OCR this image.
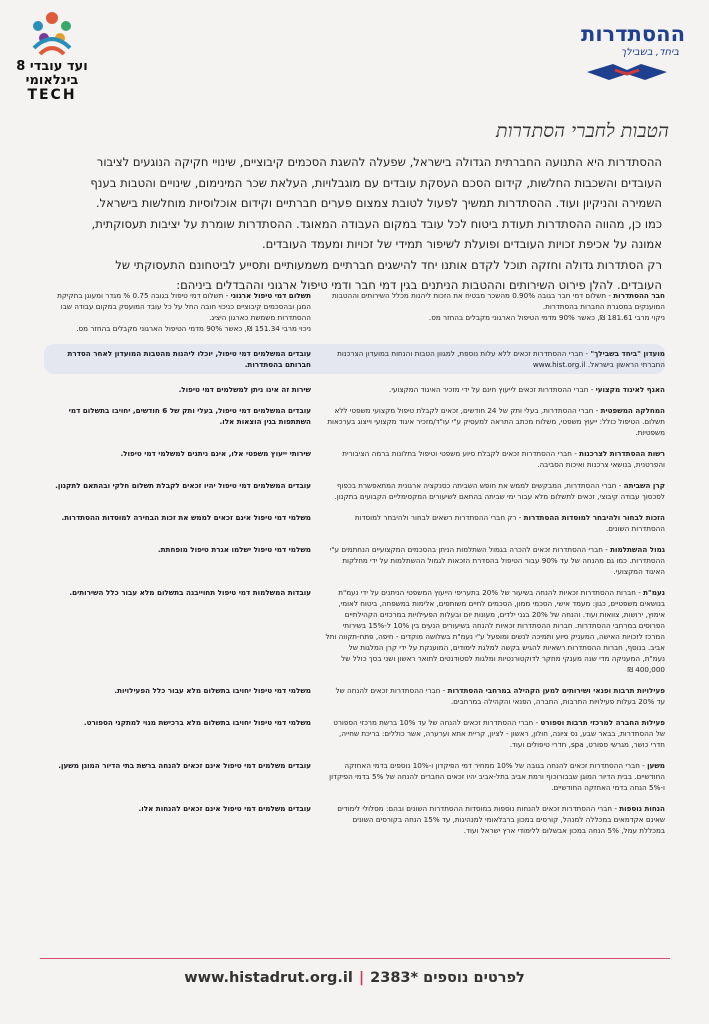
ועד עובדי 8 בינלאומי
TECH
ההסתדרות
ביחד, בשבילך
הטבות לחברי הסתדרות

ההסתדרות היא התנועה החברתית הגדולה בישראל, שפעלה להשגת הסכמים קיבוציים, שינויי חקיקה הנוגעים לציבור

העובדים והשכבות החלשות, קידום הסכם העסקת עובדים עם מוגבלויות, העלאת שכר המינימום, שינויים והטבות בענף

השמירה והניקיון ועוד. ההסתדרות תמשיך לפעול לטובת צמצום פערים חברתיים וקידום אוכלוסיות מוחלשות בישראל.

כמו כן, מהווה ההסתדרות תעודת ביטוח לכל עובד במקום העבודה המאוגד. ההסתדרות שומרת על יציבות תעסוקתית,

אמונה על אכיפת זכויות העובדים ופועלת לשיפור תמידי של זכויות ומעמד העובדים.

רק הסתדרות גדולה וחזקה תוכל לקדם אותנו יחד להישגים חברתיים משמעותיים ותסייע לביטחונם התעסוקתי של

העובדים. להלן פירוט השירותים וההטבות הניתנים בגין דמי חבר ודמי טיפול ארגוני וההבדלים ביניהם:

חבר ההסתדרות - תשלום דמי חבר בגובה 0.90% מהשכר מבטיח את הזכות ליהנות מכלל השירותים וההטבות המוענקים במסגרת החברות בהסתדרות.
ניקוי מרבי 181.61 ₪, כאשר 90% מדמי הטיפול הארגוני מקבלים בהחזר מס.
תשלום דמי טיפול ארגוני - תשלום דמי טיפול בגובה 0.75 % מגדר ומעוגן בחקיקת המגן ובהסכמים קיבוציים כניכוי חובה החל על כל עובד המועסק במקום עבודה שבו ההסתדרות משמשת כארגון היציג.
ניכוי מרבי 151.34 ₪, כאשר 90% מדמי הטיפול הארגוני מקבלים בהחזר מס.
מועדון "ביחד בשבילך" - חברי ההסתדרות זכאים ללא עלות נוספת, למגוון הטבות והנחות במועדון הצרכנות החברתי הראשון בישראל. www.hist.org.il
עובדים המשלמים דמי טיפול, יוכלו ליהנות מהטבות המועדון לאחר הסדרת חברותם בהסתדרות.
האגף לאיגוד מקצועי - חברי ההסתדרות זכאים לייעוץ חינם על ידי מזכיר האיגוד המקצועי.
שירות זה אינו ניתן למשלמים דמי טיפול.
המחלקה המשפטית - חברי ההסתדרות, בעלי ותק של 24 חודשים, זכאים לקבלת טיפול מקצועי משפטי ללא תשלום. הטיפול כולל: ייעוץ משפטי, משלוח מכתב התראה למעסיק ע"י עו"ד/מזכיר איגוד מקצועי וייצוג בערכאות משפטיות.
עובדים המשלמים דמי טיפול, בעלי ותק של 6 חודשים, יחויבו בתשלום דמי השתתפות בגין הוצאות אלו.
רשות ההסתדרות לצרכנות - חברי ההסתדרות זכאים לקבלת סיוע משפטי וטיפול בתלונות ברמה הציבורית והפרטנית, בנושאי צרכנות ואיכות הסביבה.
שירותי ייעוץ משפטי אלו, אינם ניתנים למשלמי דמי טיפול.
קרן השביתה - חברי ההסתדרות, המבקשים לממש את חופש השביתה כסנקציה ארגונית המתאפשרת בכפוף לסכסוך עבודה קיבוצי, זכאים לתשלום מלא עבור ימי שביתה בהתאם לשיעורים המקסימליים הקבועים בתקנון.
עובדים המשלמים דמי טיפול יהיו זכאים לקבלת תשלום חלקי ובהתאם לתקנון.
הזכות לבחור ולהיבחר למוסדות ההסתדרות - רק חברי ההסתדרות רשאים לבחור ולהיבחר למוסדות ההסתדרות השונים.
משלמי דמי טיפול אינם זכאים לממש את זכות הבחירה למוסדות ההסתדרות.
גמול ההשתלמות - חברי ההסתדרות זכאים להכרה בגמול השתלמות הניתן בהסכמים המקצועיים הנחתמים ע"י ההסתדרות. כמו גם מהנחה של עד 90% עבור הטיפול בהסדרת הזכאות לגמול ההשתלמות על ידי מחלקות האיגוד המקצועי.
משלמי דמי טיפול ישלמו אגרת טיפול מופחתת.
נעמ"ת - חברות ההסתדרות זכאיות להנחה בשיעור של 20% בתעריפי הייעוץ המשפטי הניתנים על ידי נעמ"ת בנושאים משפטיים, כגון: מעמד אישי, הסכמי ממון, הסכמים לחיים משותפים, אלימות במשפחה, ביטוח לאומי, אימוץ, ירושות, צוואות ועוד. והנחה של 20% בגני ילדים, מעונות יום ובעלות הפעילויות במרכזים הקהילתיים הפרוסים במרחבי ההסתדרות. חברות ההסתדרות זכאיות להנחה בשיעורים הנעים בין 10% ל-15% בשירותי המרכז לזכויות האישה, המעניק סיוע ותמיכה לנשים ומופעל ע"י נעמ"ת בשלושה מוקדים - חיפה, פתח-תקווה ותל אביב. בנוסף, חברות ההסתדרות רשאיות להגיש בקשה למלגת לימודים, המוענקת על ידי קרן המלגות של נעמ"ת, המעניקה מדי שנה מענקי מחקר לדוקטורנטיות ומלגות לסטודנטים לתואר ראשון ושני בסך כולל של 400,000 ₪
עובדות המשלמות דמי טיפול תחוייבנה בתשלום מלא עבור כלל השירותים.
פעילויות תרבות ופנאי ושירותים למען הקהילה במרחבי ההסתדרות - חברי ההסתדרות זכאים להנחה של עד 20% בעלות פעילויות התרבות, החברה, הפנאי והקהילה במרחבים.
משלמי דמי טיפול יחויבו בתשלום מלא עבור כלל הפעילויות.
פעילות החברה למרכזי תרבות וספורט - חברי ההסתדרות זכאים להנחה של עד 10% ברשת מרכזי הספורט של ההסתדרות, בבאר שבע, נס ציונה, חולון, ראשון - לציון, קריית אתא וערערה, אשר כוללים: בריכת שחייה, חדרי כושר, מגרשי ספורט, spa, חדרי טיפולים ועוד.
משלמי דמי טיפול יחויבו בתשלום מלא ברכישת מנוי למתקני הספורט.
משען - חברי ההסתדרות זכאים להנחה בגובה של 10% ממחיר דמי הפיקדון ו-10% נוספים בדמי האחזקה החודשיים. בבית הדיור המוגן שבבורוכוף ורמת אביב בתל-אביב יהיו זכאים החברים להנחה של 5% בדמי הפיקדון ו-5% הנחה בדמי האחזקה החודשיים.
עובדים משלמים דמי טיפול אינם זכאים להנחה ברשת בתי הדיור המוגן משען.
הנחות נוספות - חברי ההסתדרות זכאים להנחות נוספות במוסדות ההסתדרות השונים ובהם: מסלולי לימודים שאינם אקדמאים במכללה למנהל, קורסים במכון ברבלאומי למנהיגות, עד 15% הנחה בקורסים השונים במכללת עמל, 5% הנחה במכון אבשלום ללימודי ארץ ישראל ועוד.
עובדים משלמים דמי טיפול אינם זכאים להנחות אלו.
www.histadrut.org.il | לפרטים נוספים *2383
